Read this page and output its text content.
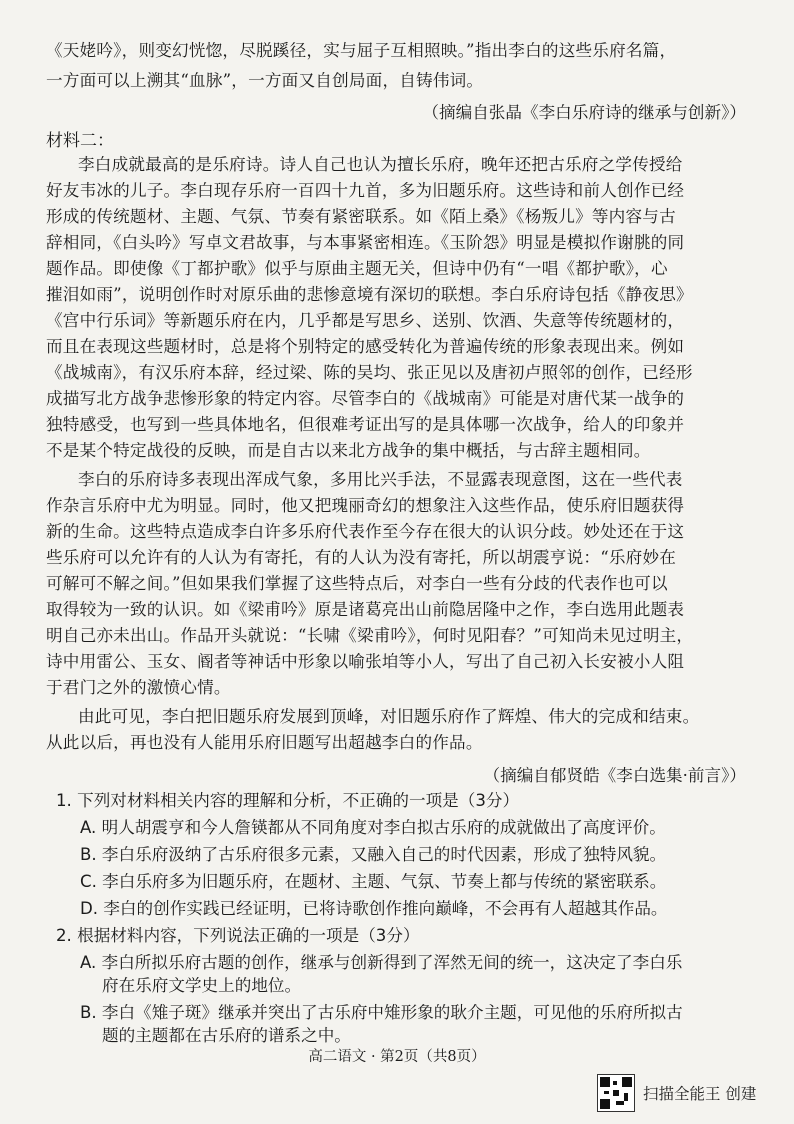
《天姥吟》，则变幻恍惚，尽脱蹊径，实与屈子互相照映。”指出李白的这些乐府名篇，
一方面可以上溯其“血脉”，一方面又自创局面，自铸伟词。
（摘编自张晶《李白乐府诗的继承与创新》）
材料二：
李白成就最高的是乐府诗。诗人自己也认为擅长乐府，晚年还把古乐府之学传授给
好友韦冰的儿子。李白现存乐府一百四十九首，多为旧题乐府。这些诗和前人创作已经
形成的传统题材、主题、气氛、节奏有紧密联系。如《陌上桑》《杨叛儿》等内容与古
辞相同，《白头吟》写卓文君故事，与本事紧密相连。《玉阶怨》明显是模拟作谢朓的同
题作品。即使像《丁都护歌》似乎与原曲主题无关，但诗中仍有“一唱《都护歌》，心
摧泪如雨”，说明创作时对原乐曲的悲惨意境有深切的联想。李白乐府诗包括《静夜思》
《宫中行乐词》等新题乐府在内，几乎都是写思乡、送别、饮酒、失意等传统题材的，
而且在表现这些题材时，总是将个别特定的感受转化为普遍传统的形象表现出来。例如
《战城南》，有汉乐府本辞，经过梁、陈的吴均、张正见以及唐初卢照邻的创作，已经形
成描写北方战争悲惨形象的特定内容。尽管李白的《战城南》可能是对唐代某一战争的
独特感受，也写到一些具体地名，但很难考证出写的是具体哪一次战争，给人的印象并
不是某个特定战役的反映，而是自古以来北方战争的集中概括，与古辞主题相同。
李白的乐府诗多表现出浑成气象，多用比兴手法，不显露表现意图，这在一些代表
作杂言乐府中尤为明显。同时，他又把瑰丽奇幻的想象注入这些作品，使乐府旧题获得
新的生命。这些特点造成李白许多乐府代表作至今存在很大的认识分歧。妙处还在于这
些乐府可以允许有的人认为有寄托，有的人认为没有寄托，所以胡震亨说：“乐府妙在
可解可不解之间。”但如果我们掌握了这些特点后，对李白一些有分歧的代表作也可以
取得较为一致的认识。如《梁甫吟》原是诸葛亮出山前隐居隆中之作，李白选用此题表
明自己亦未出山。作品开头就说：“长啸《梁甫吟》，何时见阳春？”可知尚未见过明主，
诗中用雷公、玉女、阍者等神话中形象以喻张垍等小人，写出了自己初入长安被小人阻
于君门之外的激愤心情。
由此可见，李白把旧题乐府发展到顶峰，对旧题乐府作了辉煌、伟大的完成和结束。
从此以后，再也没有人能用乐府旧题写出超越李白的作品。
（摘编自郁贤皓《李白选集·前言》）
1. 下列对材料相关内容的理解和分析，不正确的一项是（3分）
A. 明人胡震亨和今人詹锳都从不同角度对李白拟古乐府的成就做出了高度评价。
B. 李白乐府汲纳了古乐府很多元素，又融入自己的时代因素，形成了独特风貌。
C. 李白乐府多为旧题乐府，在题材、主题、气氛、节奏上都与传统的紧密联系。
D. 李白的创作实践已经证明，已将诗歌创作推向巅峰，不会再有人超越其作品。
2. 根据材料内容，下列说法正确的一项是（3分）
A. 李白所拟乐府古题的创作，继承与创新得到了浑然无间的统一，这决定了李白乐
府在乐府文学史上的地位。
B. 李白《雉子斑》继承并突出了古乐府中雉形象的耿介主题，可见他的乐府所拟古
题的主题都在古乐府的谱系之中。
高二语文 · 第2页（共8页）
扫描全能王 创建
